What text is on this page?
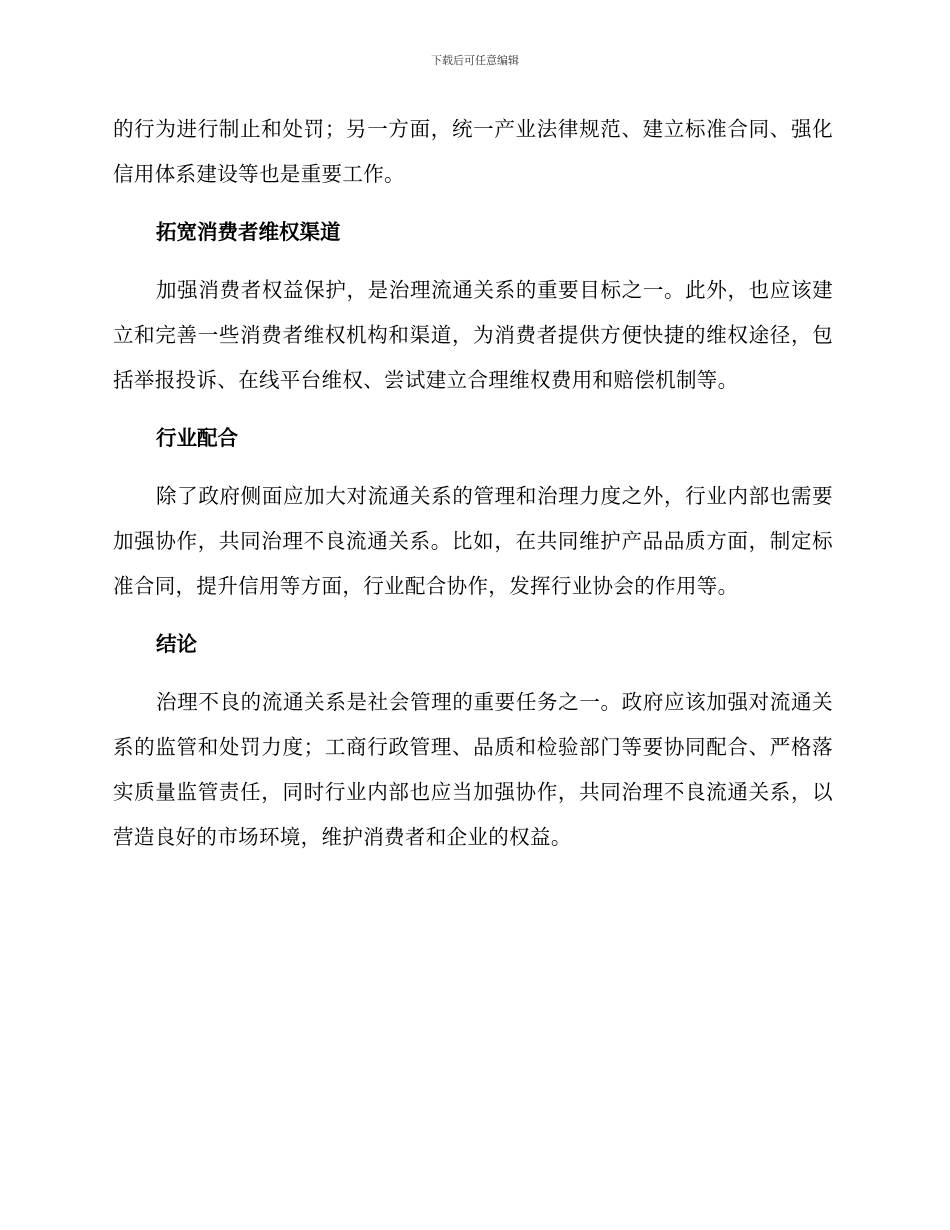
下载后可任意编辑

的行为进行制止和处罚；另一方面，统一产业法律规范、建立标准合同、强化信用体系建设等也是重要工作。

拓宽消费者维权渠道

加强消费者权益保护，是治理流通关系的重要目标之一。此外，也应该建立和完善一些消费者维权机构和渠道，为消费者提供方便快捷的维权途径，包括举报投诉、在线平台维权、尝试建立合理维权费用和赔偿机制等。

行业配合

除了政府侧面应加大对流通关系的管理和治理力度之外，行业内部也需要加强协作，共同治理不良流通关系。比如，在共同维护产品品质方面，制定标准合同，提升信用等方面，行业配合协作，发挥行业协会的作用等。

结论

治理不良的流通关系是社会管理的重要任务之一。政府应该加强对流通关系的监管和处罚力度；工商行政管理、品质和检验部门等要协同配合、严格落实质量监管责任，同时行业内部也应当加强协作，共同治理不良流通关系，以营造良好的市场环境，维护消费者和企业的权益。
